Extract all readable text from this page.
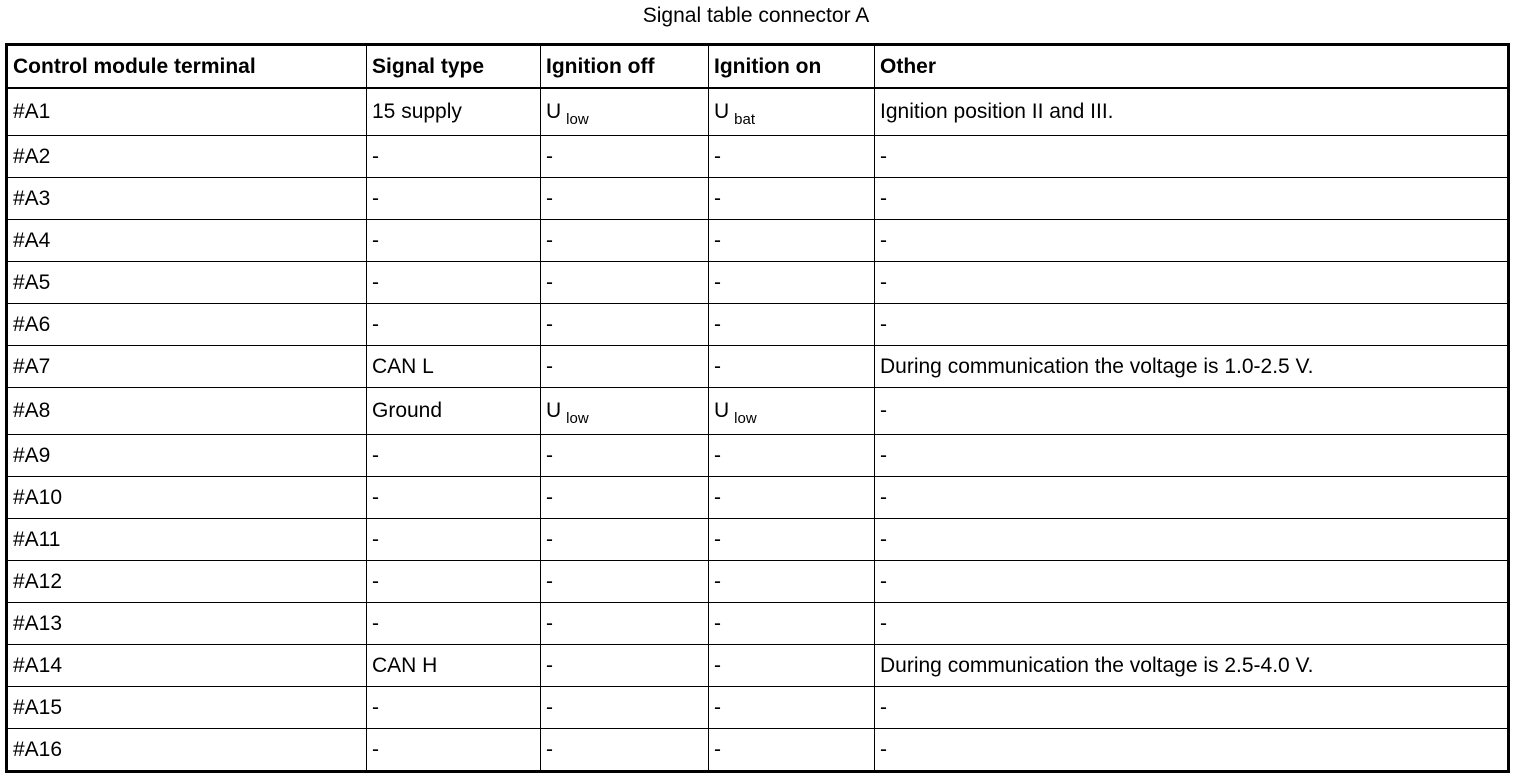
Signal table connector A
Control module terminal	Signal type	Ignition off	Ignition on	Other
#A1	15 supply	U $_{low}$	U $_{bat}$	Ignition position II and III.
#A2	-	-	-	-
#A3	-	-	-	-
#A4	-	-	-	-
#A5	-	-	-	-
#A6	-	-	-	-
#A7	CAN L	-	-	During communication the voltage is 1.0-2.5 V.
#A8	Ground	U $_{low}$	U $_{low}$	-
#A9	-	-	-	-
#A10	-	-	-	-
#A11	-	-	-	-
#A12	-	-	-	-
#A13	-	-	-	-
#A14	CAN H	-	-	During communication the voltage is 2.5-4.0 V.
#A15	-	-	-	-
#A16	-	-	-	-
